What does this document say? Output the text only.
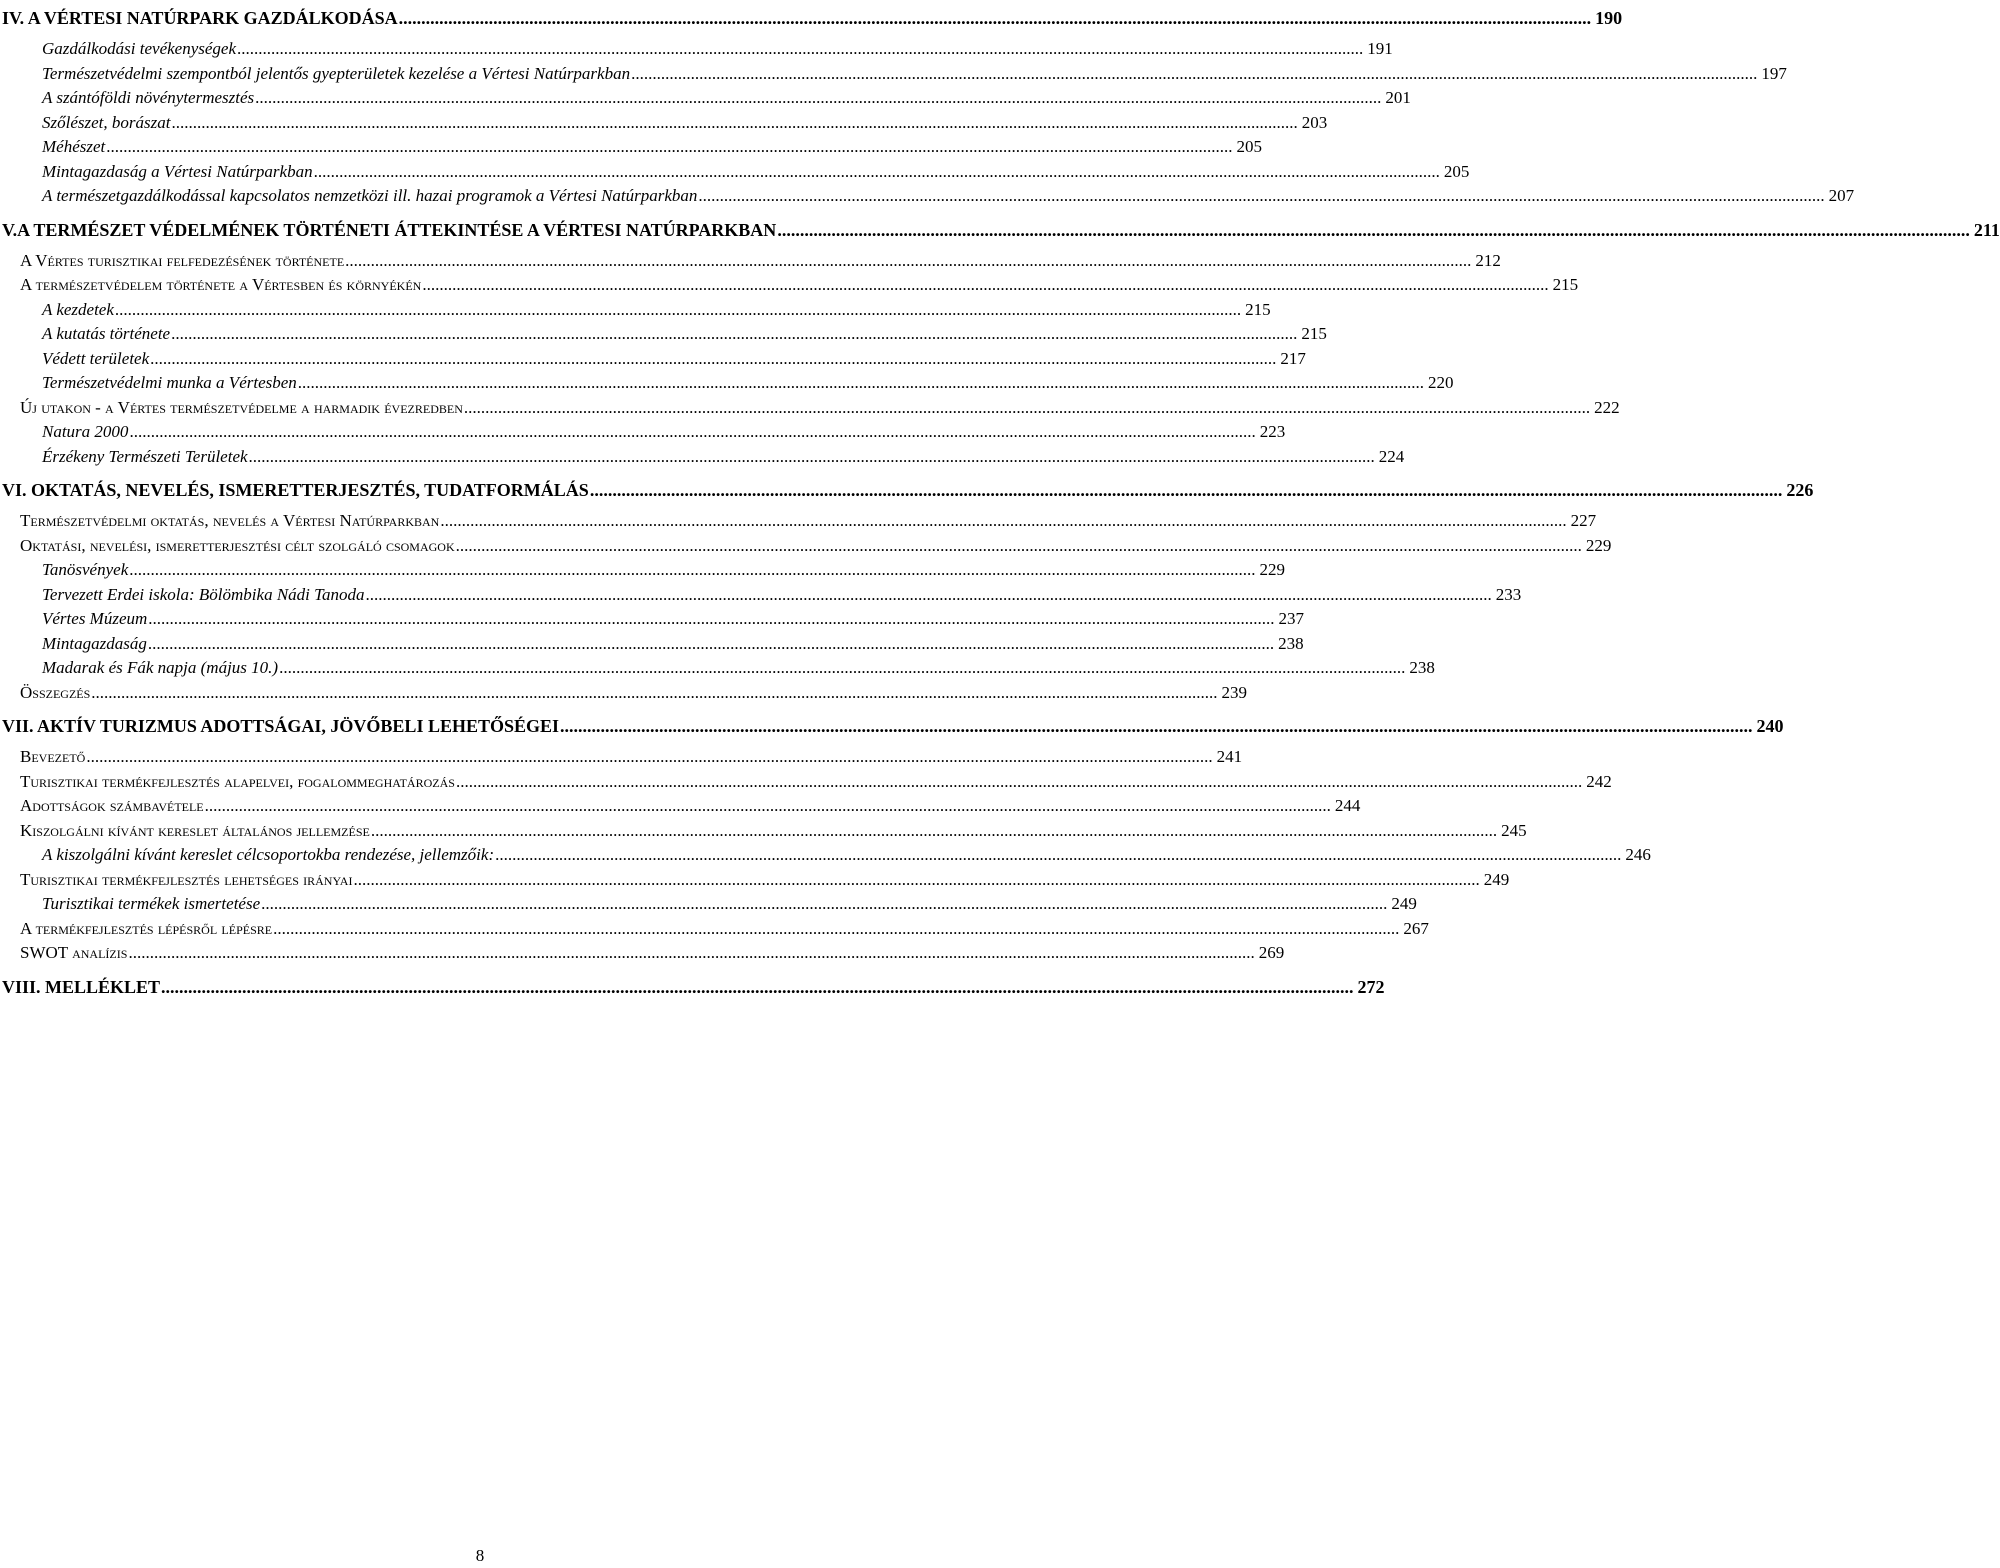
IV. A VÉRTESI NATÚRPARK GAZDÁLKODÁSA .....	190
Gazdálkodási tevékenységek .....	191
Természetvédelmi szempontból jelentős gyepterületek kezelése a Vértesi Natúrparkban .....	197
A szántóföldi növénytermesztés .....	201
Szőlészet, borászat .....	203
Méhészet .....	205
Mintagazdaság a Vértesi Natúrparkban .....	205
A természetgazdálkodással kapcsolatos nemzetközi ill. hazai programok a Vértesi Natúrparkban .....	207
V.A TERMÉSZET VÉDELMÉNEK TÖRTÉNETI ÁTTEKINTÉSE A VÉRTESI NATÚRPARKBAN .....	211
A Vértes turisztikai felfedezésének története .....	212
A természetvédelem története a Vértesben és környékén .....	215
A kezdetek .....	215
A kutatás története .....	215
Védett területek .....	217
Természetvédelmi munka a Vértesben .....	220
Új utakon - a Vértes természetvédelme a harmadik évezredben .....	222
Natura 2000 .....	223
Érzékeny Természeti Területek .....	224
VI. OKTATÁS, NEVELÉS, ISMERETTERJESZTÉS, TUDATFORMÁLÁS .....	226
Természetvédelmi oktatás, nevelés a Vértesi Natúrparkban .....	227
Oktatási, nevelési, ismeretterjesztési célt szolgáló csomagok .....	229
Tanösvények .....	229
Tervezett Erdei iskola: Bölömbika Nádi Tanoda .....	233
Vértes Múzeum .....	237
Mintagazdaság .....	238
Madarak és Fák napja (május 10.) .....	238
Összegzés .....	239
VII. AKTÍV TURIZMUS ADOTTSÁGAI, JÖVŐBELI LEHETŐSÉGEI .....	240
Bevezető .....	241
Turisztikai termékfejlesztés alapelvei, fogalommeghatározás .....	242
Adottságok számbavétele .....	244
Kiszolgálni kívánt kereslet általános jellemzése .....	245
A kiszolgálni kívánt kereslet célcsoportokba rendezése, jellemzőik: .....	246
Turisztikai termékfejlesztés lehetséges irányai .....	249
Turisztikai termékek ismertetése .....	249
A termékfejlesztés lépésről lépésre .....	267
SWOT analízis .....	269
VIII. MELLÉKLET .....	272
8
